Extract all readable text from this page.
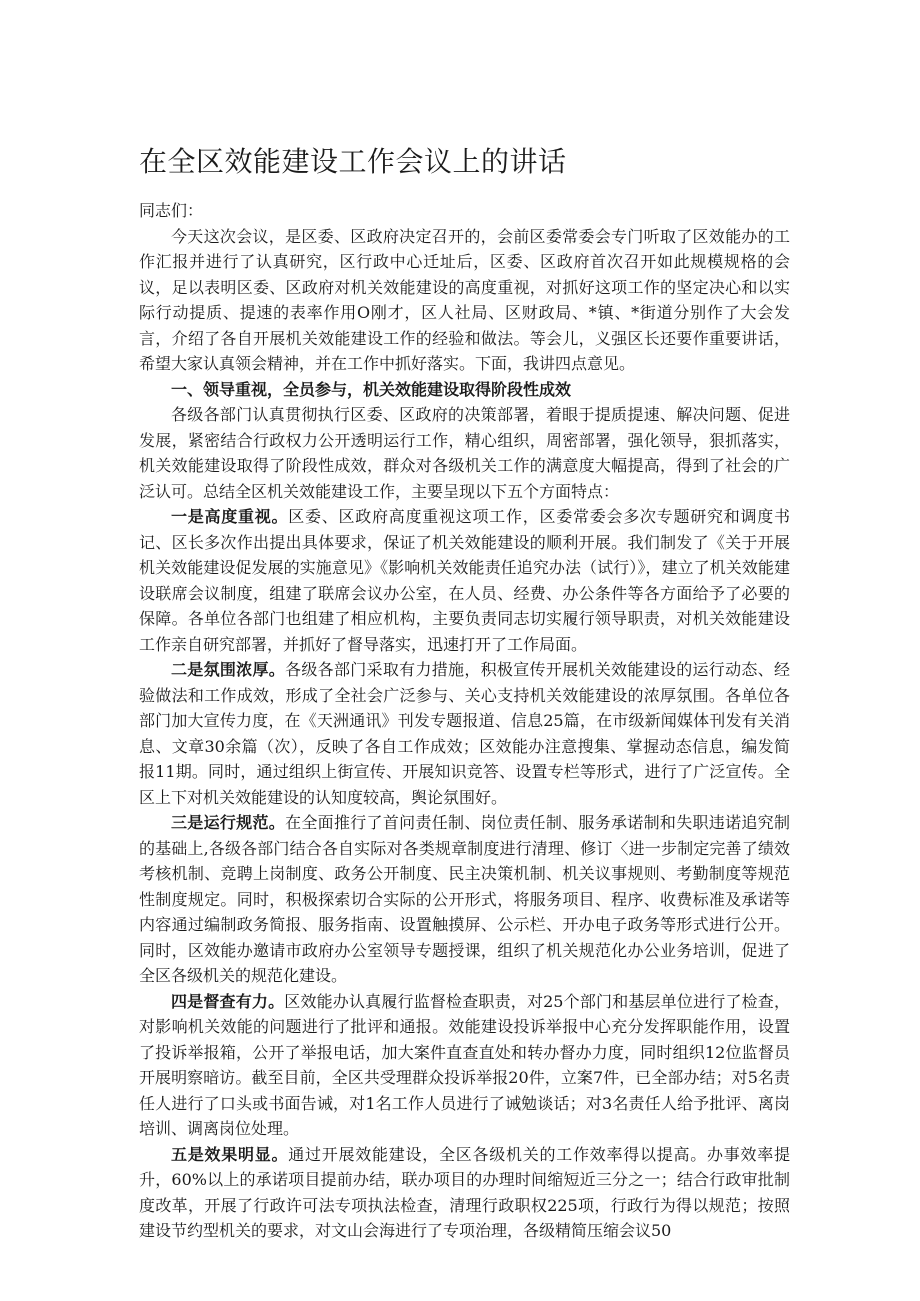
在全区效能建设工作会议上的讲话

同志们：

今天这次会议，是区委、区政府决定召开的，会前区委常委会专门听取了区效能办的工作汇报并进行了认真研究，区行政中心迁址后，区委、区政府首次召开如此规模规格的会议，足以表明区委、区政府对机关效能建设的高度重视，对抓好这项工作的坚定决心和以实际行动提质、提速的表率作用O刚才，区人社局、区财政局、*镇、*街道分别作了大会发言，介绍了各自开展机关效能建设工作的经验和做法。等会儿，义强区长还要作重要讲话，希望大家认真领会精神，并在工作中抓好落实。下面，我讲四点意见。

一、领导重视，全员参与，机关效能建设取得阶段性成效

各级各部门认真贯彻执行区委、区政府的决策部署，着眼于提质提速、解决问题、促进发展，紧密结合行政权力公开透明运行工作，精心组织，周密部署，强化领导，狠抓落实，机关效能建设取得了阶段性成效，群众对各级机关工作的满意度大幅提高，得到了社会的广泛认可。总结全区机关效能建设工作，主要呈现以下五个方面特点：

一是高度重视。区委、区政府高度重视这项工作，区委常委会多次专题研究和调度书记、区长多次作出提出具体要求，保证了机关效能建设的顺利开展。我们制发了《关于开展机关效能建设促发展的实施意见》《影响机关效能责任追究办法（试行）》，建立了机关效能建设联席会议制度，组建了联席会议办公室，在人员、经费、办公条件等各方面给予了必要的保障。各单位各部门也组建了相应机构，主要负责同志切实履行领导职责，对机关效能建设工作亲自研究部署，并抓好了督导落实，迅速打开了工作局面。

二是氛围浓厚。各级各部门采取有力措施，积极宣传开展机关效能建设的运行动态、经验做法和工作成效，形成了全社会广泛参与、关心支持机关效能建设的浓厚氛围。各单位各部门加大宣传力度，在《天洲通讯》刊发专题报道、信息25篇，在市级新闻媒体刊发有关消息、文章30余篇（次），反映了各自工作成效；区效能办注意搜集、掌握动态信息，编发简报11期。同时，通过组织上街宣传、开展知识竞答、设置专栏等形式，进行了广泛宣传。全区上下对机关效能建设的认知度较高，舆论氛围好。

三是运行规范。在全面推行了首问责任制、岗位责任制、服务承诺制和失职违诺追究制的基础上,各级各部门结合各自实际对各类规章制度进行清理、修订〈进一步制定完善了绩效考核机制、竞聘上岗制度、政务公开制度、民主决策机制、机关议事规则、考勤制度等规范性制度规定。同时，积极探索切合实际的公开形式，将服务项目、程序、收费标准及承诺等内容通过编制政务简报、服务指南、设置触摸屏、公示栏、开办电子政务等形式进行公开。同时，区效能办邀请市政府办公室领导专题授课，组织了机关规范化办公业务培训，促进了全区各级机关的规范化建设。

四是督查有力。区效能办认真履行监督检查职责，对25个部门和基层单位进行了检查，对影响机关效能的问题进行了批评和通报。效能建设投诉举报中心充分发挥职能作用，设置了投诉举报箱，公开了举报电话，加大案件直查直处和转办督办力度，同时组织12位监督员开展明察暗访。截至目前，全区共受理群众投诉举报20件，立案7件，已全部办结；对5名责任人进行了口头或书面告诫，对1名工作人员进行了诫勉谈话；对3名责任人给予批评、离岗培训、调离岗位处理。

五是效果明显。通过开展效能建设，全区各级机关的工作效率得以提高。办事效率提升，60%以上的承诺项目提前办结，联办项目的办理时间缩短近三分之一；结合行政审批制度改革，开展了行政许可法专项执法检查，清理行政职权225项，行政行为得以规范；按照建设节约型机关的要求，对文山会海进行了专项治理，各级精简压缩会议50
